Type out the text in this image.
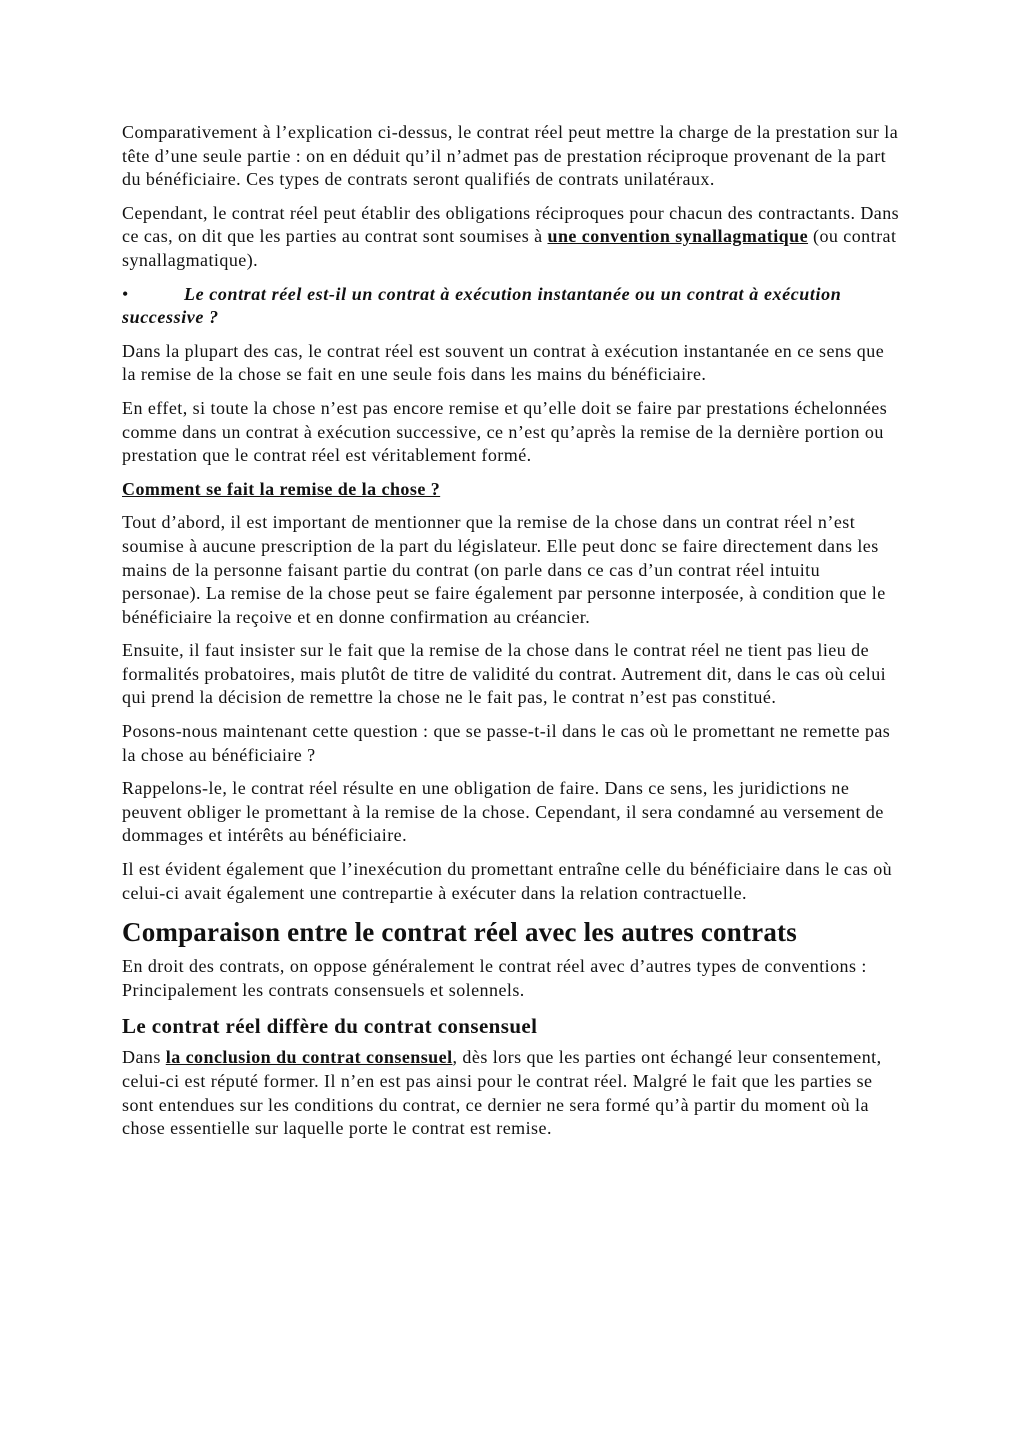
Comparativement à l’explication ci-dessus, le contrat réel peut mettre la charge de la prestation sur la tête d’une seule partie : on en déduit qu’il n’admet pas de prestation réciproque provenant de la part du bénéficiaire. Ces types de contrats seront qualifiés de contrats unilatéraux.

Cependant, le contrat réel peut établir des obligations réciproques pour chacun des contractants. Dans ce cas, on dit que les parties au contrat sont soumises à une convention synallagmatique (ou contrat synallagmatique).

•	Le contrat réel est-il un contrat à exécution instantanée ou un contrat à exécution successive ?

Dans la plupart des cas, le contrat réel est souvent un contrat à exécution instantanée en ce sens que la remise de la chose se fait en une seule fois dans les mains du bénéficiaire.

En effet, si toute la chose n’est pas encore remise et qu’elle doit se faire par prestations échelonnées comme dans un contrat à exécution successive, ce n’est qu’après la remise de la dernière portion ou prestation que le contrat réel est véritablement formé.

Comment se fait la remise de la chose ?

Tout d’abord, il est important de mentionner que la remise de la chose dans un contrat réel n’est soumise à aucune prescription de la part du législateur. Elle peut donc se faire directement dans les mains de la personne faisant partie du contrat (on parle dans ce cas d’un contrat réel intuitu personae). La remise de la chose peut se faire également par personne interposée, à condition que le bénéficiaire la reçoive et en donne confirmation au créancier.

Ensuite, il faut insister sur le fait que la remise de la chose dans le contrat réel ne tient pas lieu de formalités probatoires, mais plutôt de titre de validité du contrat. Autrement dit, dans le cas où celui qui prend la décision de remettre la chose ne le fait pas, le contrat n’est pas constitué.

Posons-nous maintenant cette question : que se passe-t-il dans le cas où le promettant ne remette pas la chose au bénéficiaire ?

Rappelons-le, le contrat réel résulte en une obligation de faire. Dans ce sens, les juridictions ne peuvent obliger le promettant à la remise de la chose. Cependant, il sera condamné au versement de dommages et intérêts au bénéficiaire.

Il est évident également que l’inexécution du promettant entraîne celle du bénéficiaire dans le cas où celui-ci avait également une contrepartie à exécuter dans la relation contractuelle.

Comparaison entre le contrat réel avec les autres contrats

En droit des contrats, on oppose généralement le contrat réel avec d’autres types de conventions : Principalement les contrats consensuels et solennels.

Le contrat réel diffère du contrat consensuel

Dans la conclusion du contrat consensuel, dès lors que les parties ont échangé leur consentement, celui-ci est réputé former. Il n’en est pas ainsi pour le contrat réel. Malgré le fait que les parties se sont entendues sur les conditions du contrat, ce dernier ne sera formé qu’à partir du moment où la chose essentielle sur laquelle porte le contrat est remise.
